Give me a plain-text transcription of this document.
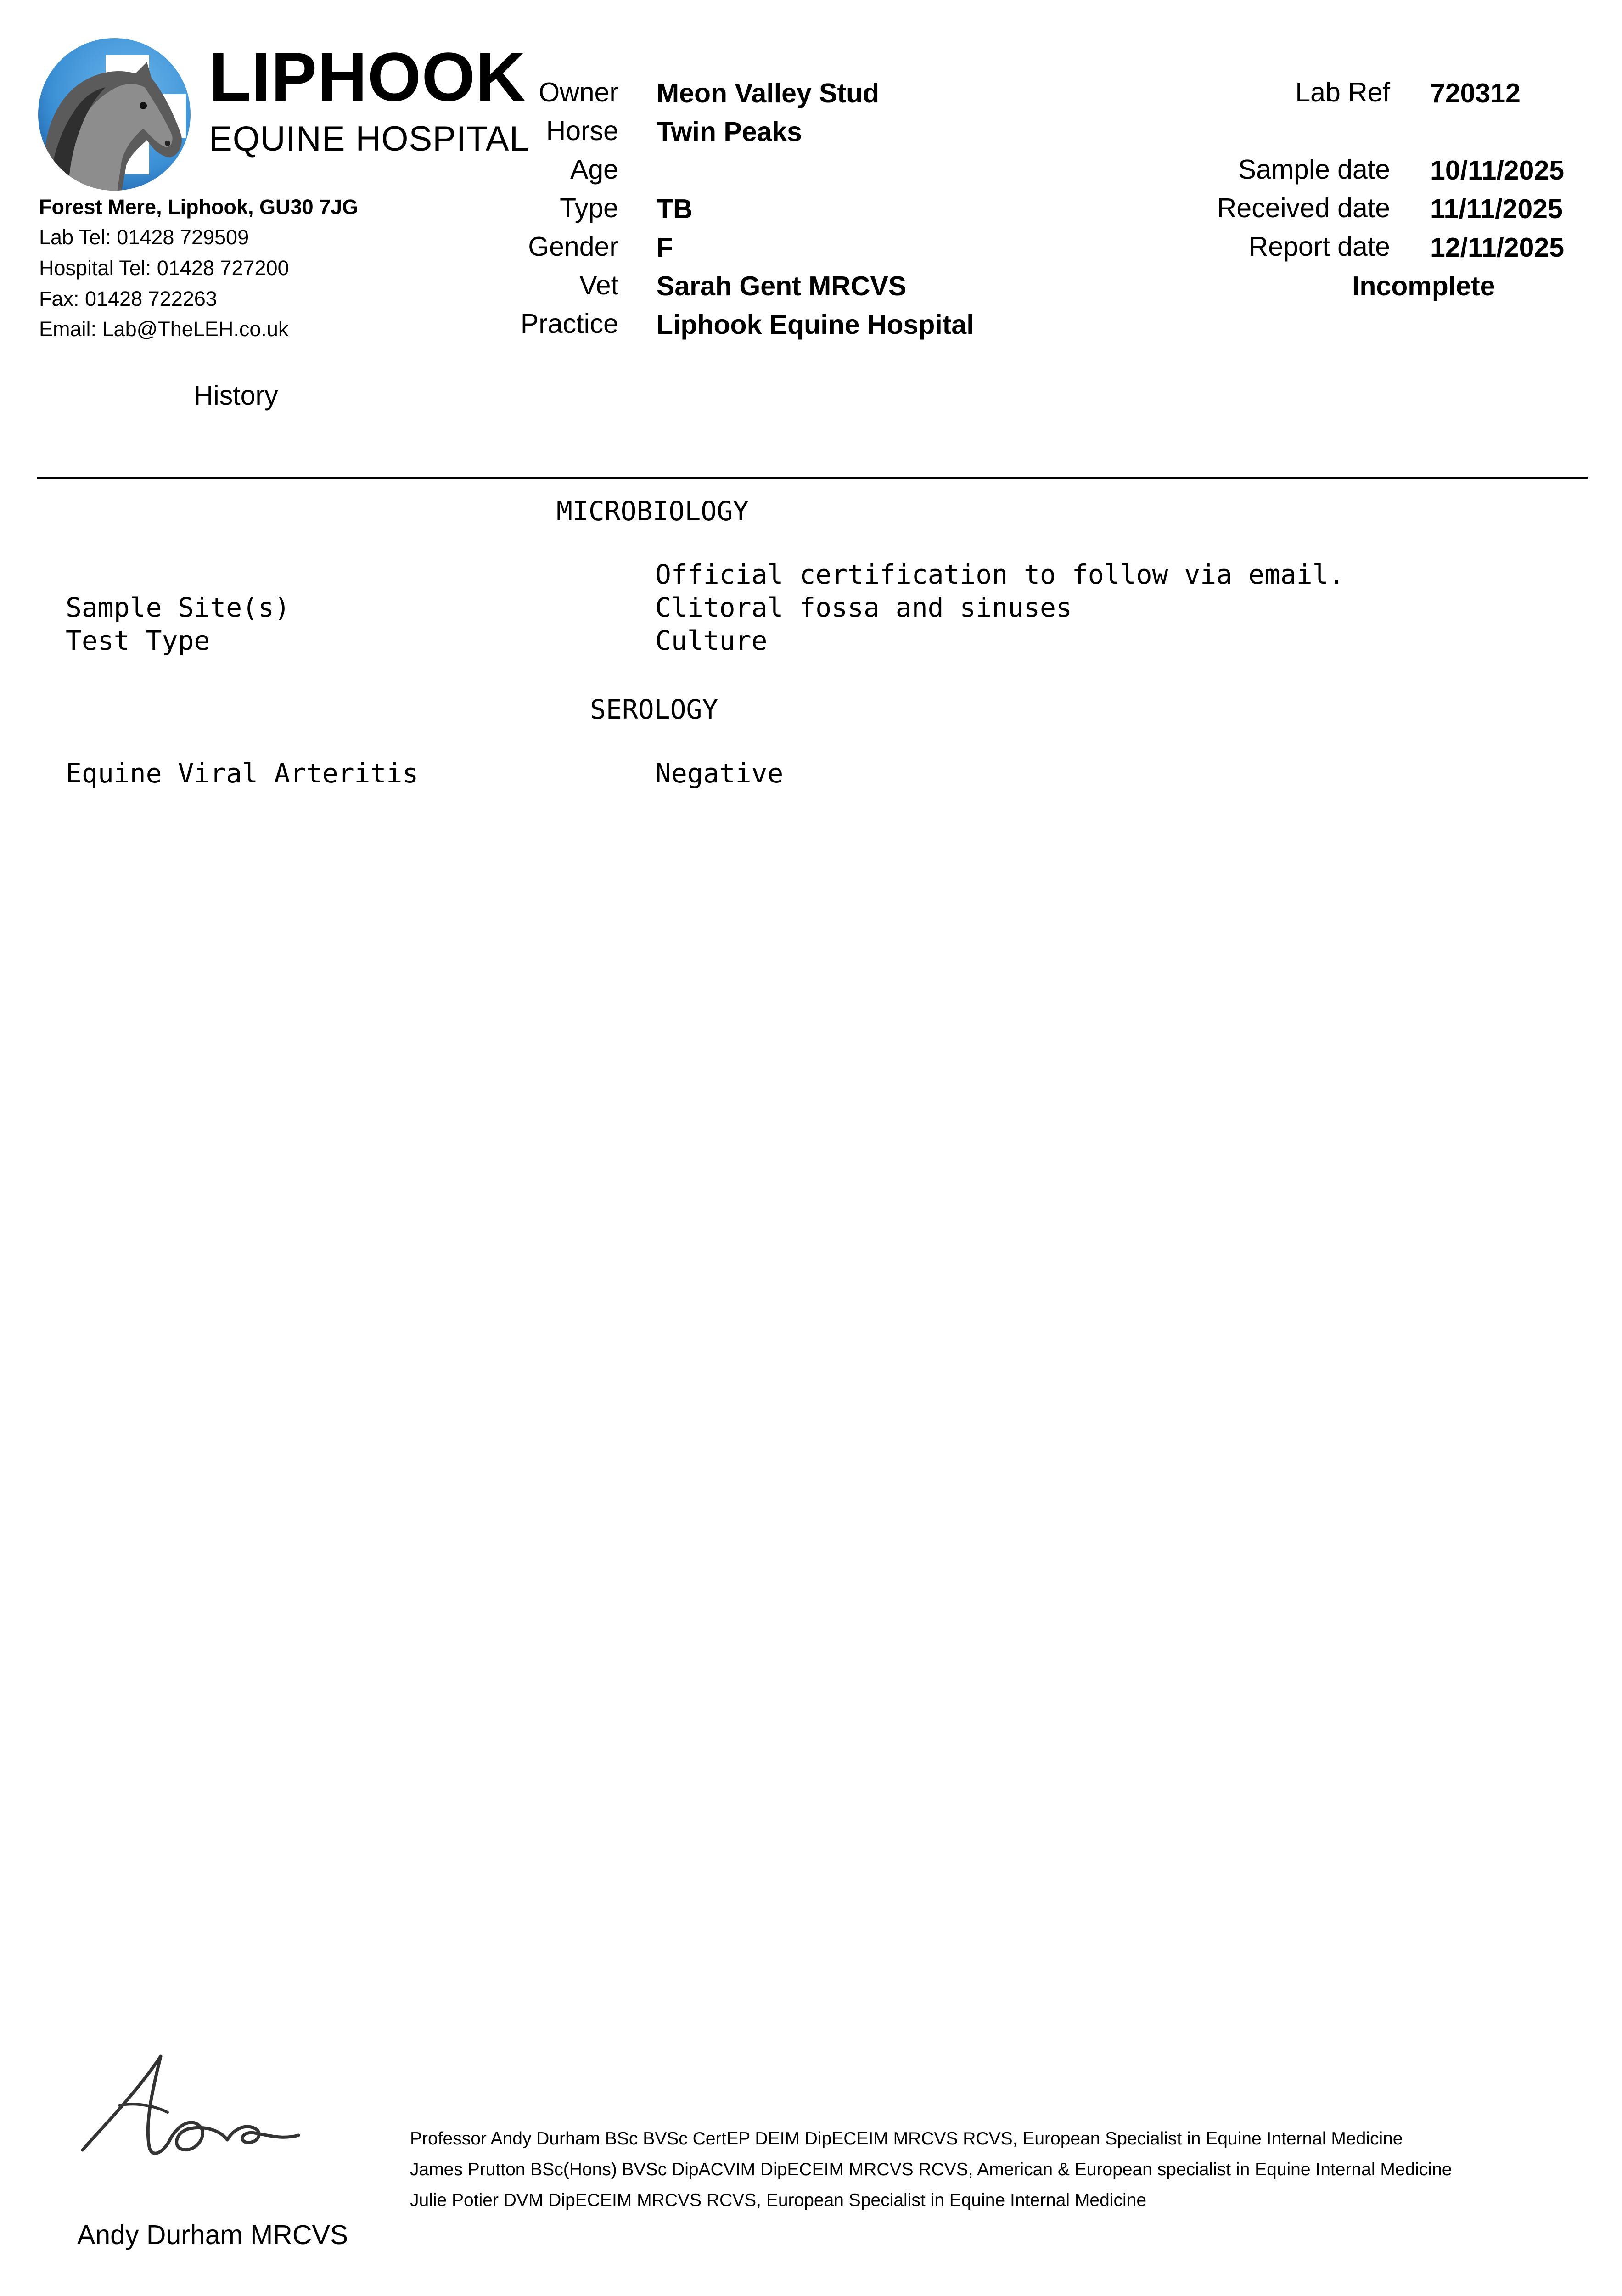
LIPHOOK
EQUINE HOSPITAL
Forest Mere, Liphook, GU30 7JG
Lab Tel: 01428 729509
Hospital Tel: 01428 727200
Fax: 01428 722263
Email: Lab@TheLEH.co.uk
Owner Meon Valley Stud
Horse Twin Peaks
Age
Type TB
Gender F
Vet Sarah Gent MRCVS
Practice Liphook Equine Hospital
Lab Ref 720312
Sample date 10/11/2025
Received date 11/11/2025
Report date 12/11/2025
Incomplete
History
MICROBIOLOGY
Official certification to follow via email.
Sample Site(s)	Clitoral fossa and sinuses
Test Type	Culture
SEROLOGY
Equine Viral Arteritis	Negative
Andy Durham MRCVS
Professor Andy Durham BSc BVSc CertEP DEIM DipECEIM MRCVS RCVS, European Specialist in Equine Internal Medicine
James Prutton BSc(Hons) BVSc DipACVIM DipECEIM MRCVS RCVS, American & European specialist in Equine Internal Medicine
Julie Potier DVM DipECEIM MRCVS RCVS, European Specialist in Equine Internal Medicine
